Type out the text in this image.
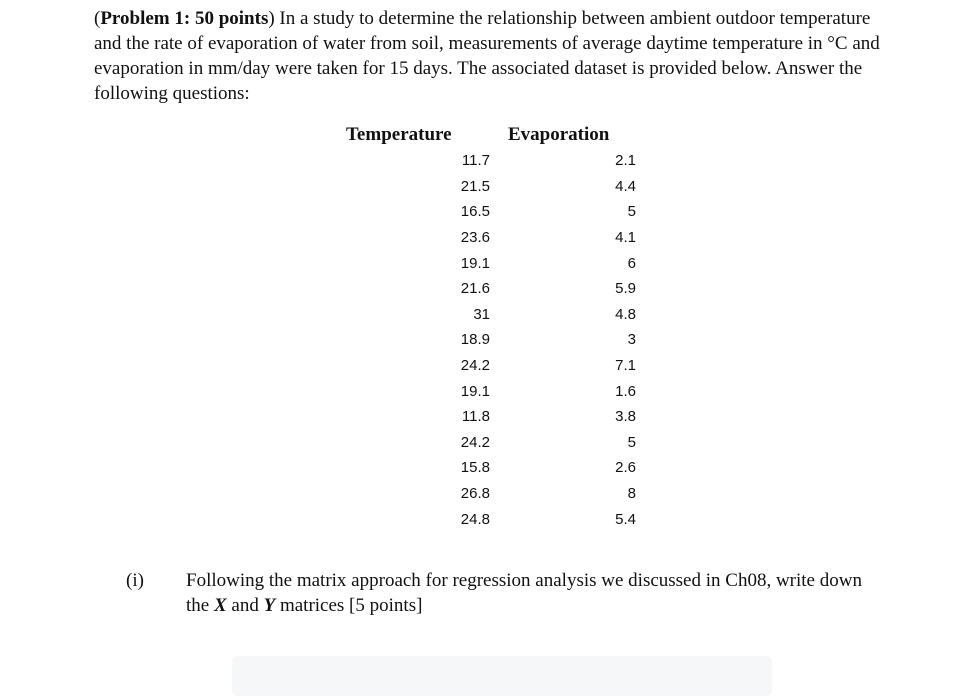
(Problem 1: 50 points) In a study to determine the relationship between ambient outdoor temperature and the rate of evaporation of water from soil, measurements of average daytime temperature in °C and evaporation in mm/day were taken for 15 days. The associated dataset is provided below. Answer the following questions:

Temperature	Evaporation
11.7	2.1
21.5	4.4
16.5	5
23.6	4.1
19.1	6
21.6	5.9
31	4.8
18.9	3
24.2	7.1
19.1	1.6
11.8	3.8
24.2	5
15.8	2.6
26.8	8
24.8	5.4
(i) Following the matrix approach for regression analysis we discussed in Ch08, write down the X and Y matrices [5 points]
